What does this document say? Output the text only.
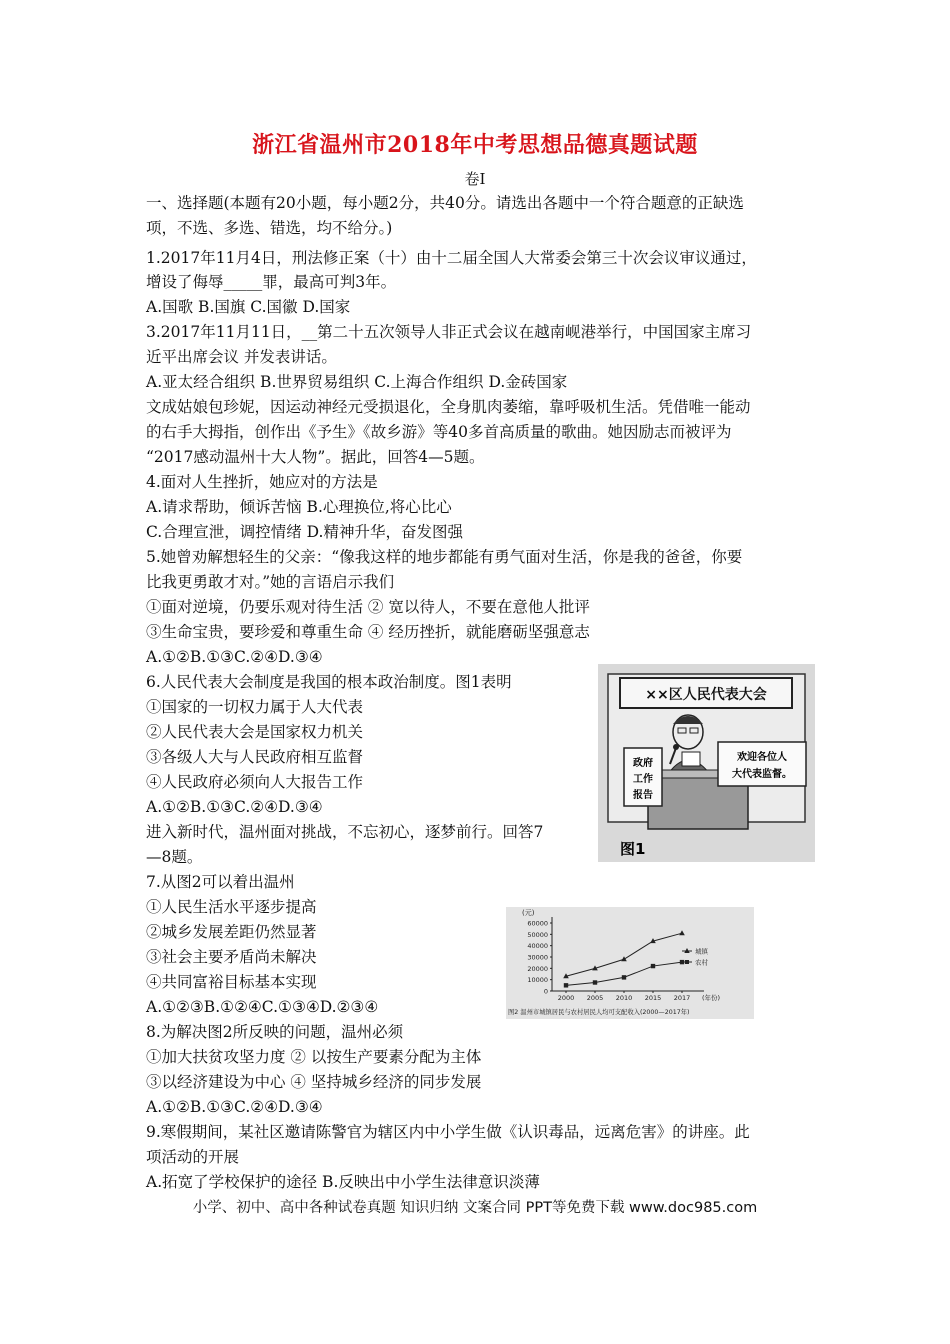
浙江省温州市2018年中考思想品德真题试题
卷Ⅰ
一、选择题(本题有20小题，每小题2分，共40分。请选出各题中一个符合题意的正缺选
项，不选、多选、错选，均不给分。)
1.2017年11月4日，刑法修正案（十）由十二届全国人大常委会第三十次会议审议通过，
增设了侮辱_____罪，最高可判3年。
A.国歌 B.国旗 C.国徽 D.国家
3.2017年11月11日，__第二十五次领导人非正式会议在越南岘港举行，中国国家主席习
近平出席会议 并发表讲话。
A.亚太经合组织 B.世界贸易组织 C.上海合作组织 D.金砖国家
文成姑娘包珍妮，因运动神经元受损退化，全身肌肉萎缩，靠呼吸机生活。凭借唯一能动
的右手大拇指，创作出《予生》《故乡游》等40多首高质量的歌曲。她因励志而被评为
“2017感动温州十大人物”。据此，回答4—5题。
4.面对人生挫折，她应对的方法是
A.请求帮助，倾诉苦恼 B.心理换位,将心比心
C.合理宣泄，调控情绪 D.精神升华，奋发图强
5.她曾劝解想轻生的父亲：“像我这样的地步都能有勇气面对生活，你是我的爸爸，你要
比我更勇敢才对。”她的言语启示我们
①面对逆境，仍要乐观对待生活 ② 宽以待人，不要在意他人批评
③生命宝贵，要珍爱和尊重生命 ④ 经历挫折，就能磨砺坚强意志
A.①②B.①③C.②④D.③④
6.人民代表大会制度是我国的根本政治制度。图1表明
①国家的一切权力属于人大代表
②人民代表大会是国家权力机关
③各级人大与人民政府相互监督
④人民政府必须向人大报告工作
A.①②B.①③C.②④D.③④
进入新时代，温州面对挑战，不忘初心，逐梦前行。回答7
—8题。
7.从图2可以着出温州
①人民生活水平逐步提高
②城乡发展差距仍然显著
③社会主要矛盾尚未解决
④共同富裕目标基本实现
A.①②③B.①②④C.①③④D.②③④
8.为解决图2所反映的问题，温州必须
①加大扶贫攻坚力度 ② 以按生产要素分配为主体
③以经济建设为中心 ④ 坚持城乡经济的同步发展
A.①②B.①③C.②④D.③④
9.寒假期间，某社区邀请陈警官为辖区内中小学生做《认识毒品，远离危害》的讲座。此
项活动的开展
A.拓宽了学校保护的途径 B.反映出中小学生法律意识淡薄
××区人民代表大会
政府
工作
报告
欢迎各位人
大代表监督。
图1
60000
50000
40000
30000
20000
10000
0
(元)
2000 2005 2010 2015 2017 (年份)
城镇
农村
图2 温州市城镇居民与农村居民人均可支配收入(2000—2017年)
小学、初中、高中各种试卷真题 知识归纳 文案合同 PPT等免费下载 www.doc985.com
